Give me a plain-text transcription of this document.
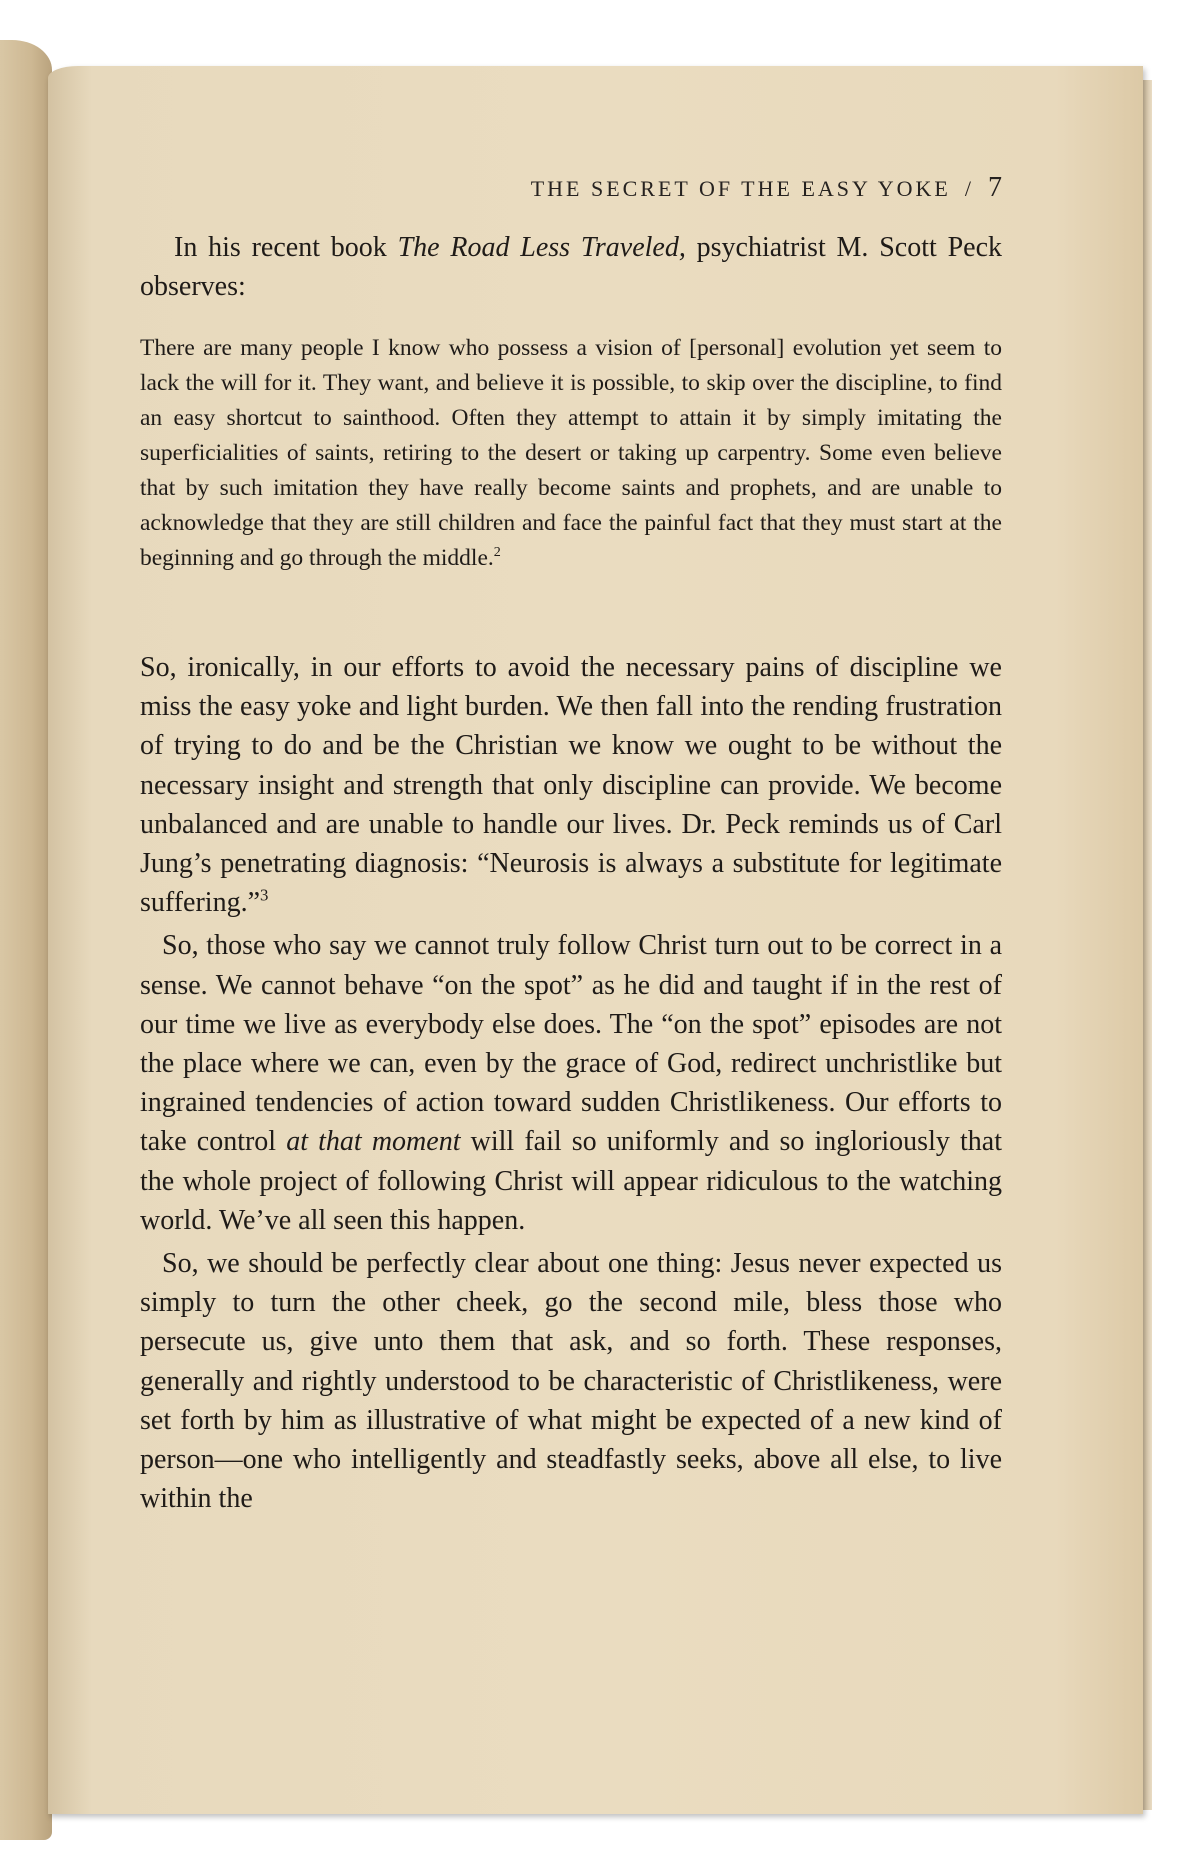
THE SECRET OF THE EASY YOKE / 7
In his recent book The Road Less Traveled, psychiatrist M. Scott Peck observes:
There are many people I know who possess a vision of [personal] evolution yet seem to lack the will for it. They want, and believe it is possible, to skip over the discipline, to find an easy shortcut to sainthood. Often they attempt to attain it by simply imitating the superficialities of saints, retiring to the desert or taking up carpentry. Some even believe that by such imitation they have really become saints and prophets, and are unable to acknowledge that they are still children and face the painful fact that they must start at the beginning and go through the middle.$^2$

So, ironically, in our efforts to avoid the necessary pains of discipline we miss the easy yoke and light burden. We then fall into the rending frustration of trying to do and be the Christian we know we ought to be without the necessary insight and strength that only discipline can provide. We become unbalanced and are unable to handle our lives. Dr. Peck reminds us of Carl Jung’s penetrating diagnosis: “Neurosis is always a substitute for legitimate suffering.”$^3$

So, those who say we cannot truly follow Christ turn out to be correct in a sense. We cannot behave “on the spot” as he did and taught if in the rest of our time we live as everybody else does. The “on the spot” episodes are not the place where we can, even by the grace of God, redirect unchristlike but ingrained tendencies of action toward sudden Christlikeness. Our efforts to take control at that moment will fail so uniformly and so ingloriously that the whole project of following Christ will appear ridiculous to the watching world. We’ve all seen this happen.

So, we should be perfectly clear about one thing: Jesus never expected us simply to turn the other cheek, go the second mile, bless those who persecute us, give unto them that ask, and so forth. These responses, generally and rightly understood to be characteristic of Christlikeness, were set forth by him as illustrative of what might be expected of a new kind of person—one who intelligently and steadfastly seeks, above all else, to live within the
